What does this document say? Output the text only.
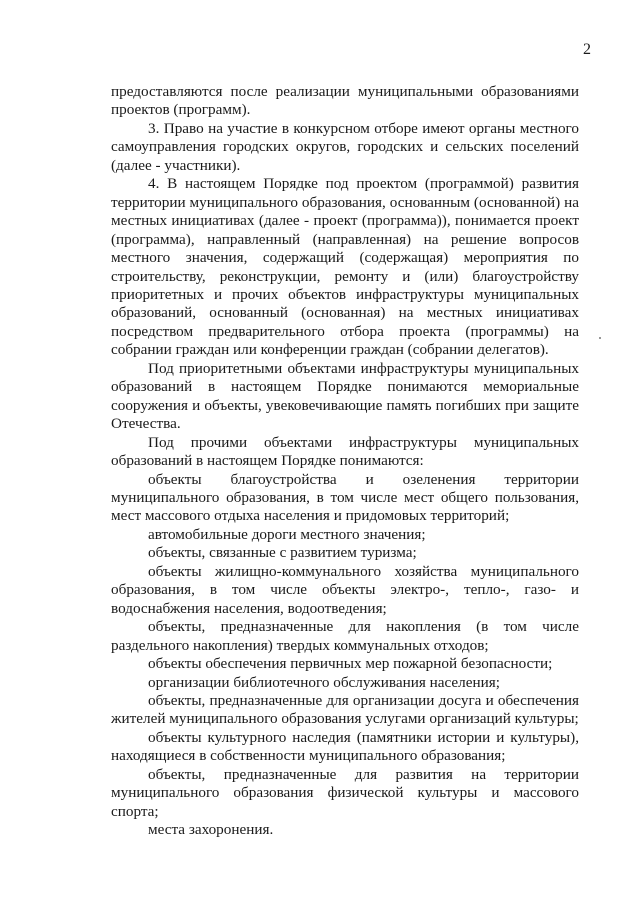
2

предоставляются после реализации муниципальными образованиями проектов (программ).

3. Право на участие в конкурсном отборе имеют органы местного самоуправления городских округов, городских и сельских поселений (далее - участники).

4. В настоящем Порядке под проектом (программой) развития территории муниципального образования, основанным (основанной) на местных инициативах (далее - проект (программа)), понимается проект (программа), направленный (направленная) на решение вопросов местного значения, содержащий (содержащая) мероприятия по строительству, реконструкции, ремонту и (или) благоустройству приоритетных и прочих объектов инфраструктуры муниципальных образований, основанный (основанная) на местных инициативах посредством предварительного отбора проекта (программы) на собрании граждан или конференции граждан (собрании делегатов).

Под приоритетными объектами инфраструктуры муниципальных образований в настоящем Порядке понимаются мемориальные сооружения и объекты, увековечивающие память погибших при защите Отечества.

Под прочими объектами инфраструктуры муниципальных образований в настоящем Порядке понимаются:

объекты благоустройства и озеленения территории муниципального образования, в том числе мест общего пользования, мест массового отдыха населения и придомовых территорий;

автомобильные дороги местного значения;

объекты, связанные с развитием туризма;

объекты жилищно-коммунального хозяйства муниципального образования, в том числе объекты электро-, тепло-, газо- и водоснабжения населения, водоотведения;

объекты, предназначенные для накопления (в том числе раздельного накопления) твердых коммунальных отходов;

объекты обеспечения первичных мер пожарной безопасности;

организации библиотечного обслуживания населения;

объекты, предназначенные для организации досуга и обеспечения жителей муниципального образования услугами организаций культуры;

объекты культурного наследия (памятники истории и культуры), находящиеся в собственности муниципального образования;

объекты, предназначенные для развития на территории муниципального образования физической культуры и массового спорта;

места захоронения.
